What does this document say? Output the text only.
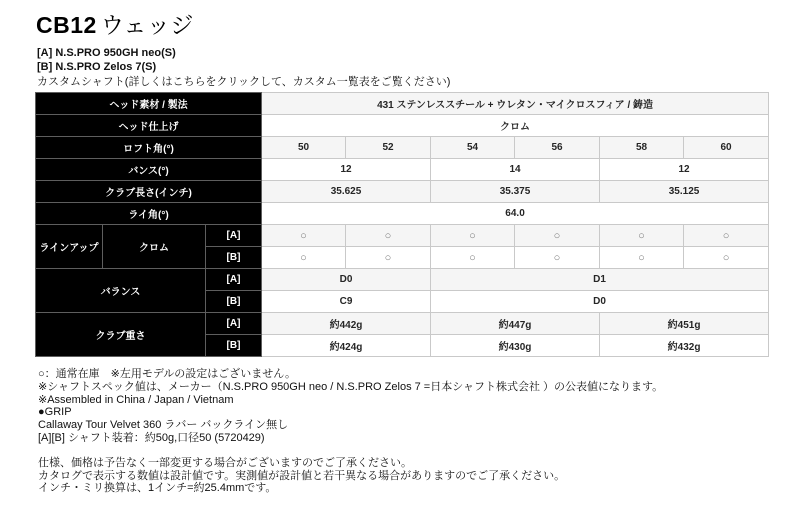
CB12 ウェッジ

[A] N.S.PRO 950GH neo(S)

[B] N.S.PRO Zelos 7(S)

カスタムシャフト(詳しくはこちらをクリックして、カスタム一覧表をご覧ください)

ヘッド素材 / 製法			431 ステンレススチール + ウレタン・マイクロスフィア / 鋳造					
ヘッド仕上げ			クロム					
ロフト角(°)			50	52	54	56	58	60
バンス(°)			12		14		12	
クラブ長さ(インチ)			35.625		35.375		35.125	
ライ角(°)			64.0					
ラインアップ	クロム	[A]	○	○	○	○	○	○
		[B]	○	○	○	○	○	○
バランス		[A]	D0		D1			
		[B]	C9		D0			
クラブ重さ		[A]	約442g		約447g		約451g	
		[B]	約424g		約430g		約432g	

○：通常在庫　※左用モデルの設定はございません。

※シャフトスペック値は、メーカー（N.S.PRO 950GH neo / N.S.PRO Zelos 7 =日本シャフト株式会社 ）の公表値になります。

※Assembled in China / Japan / Vietnam

●GRIP

Callaway Tour Velvet 360 ラバー バックライン無し

[A][B] シャフト装着：約50g,口径50 (5720429)

仕様、価格は予告なく一部変更する場合がございますのでご了承ください。

カタログで表示する数値は設計値です。実測値が設計値と若干異なる場合がありますのでご了承ください。

インチ・ミリ換算は、1インチ=約25.4mmです。
